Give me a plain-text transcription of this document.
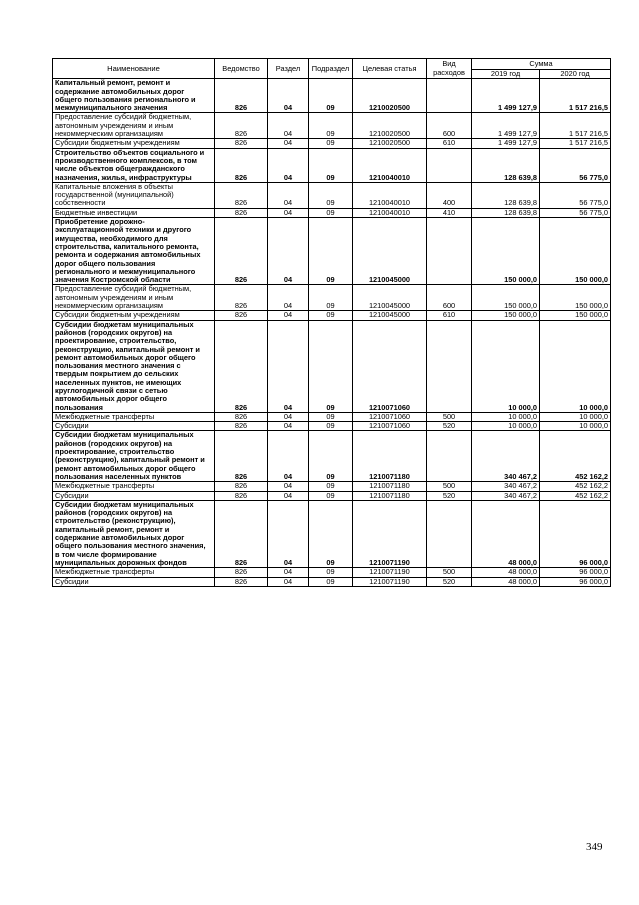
Наименование	Ведомство	Раздел	Подраздел	Целевая статья	Вид расходов	Сумма	
						2019 год	2020 год
Капитальный ремонт, ремонт и содержание автомобильных дорог общего пользования регионального и межмуниципального значения	826	04	09	1210020500		1 499 127,9	1 517 216,5
Предоставление субсидий бюджетным, автономным учреждениям и иным некоммерческим организациям	826	04	09	1210020500	600	1 499 127,9	1 517 216,5
Субсидии бюджетным учреждениям	826	04	09	1210020500	610	1 499 127,9	1 517 216,5
Строительство объектов социального и производственного комплексов, в том числе объектов общегражданского назначения, жилья, инфраструктуры	826	04	09	1210040010		128 639,8	56 775,0
Капитальные вложения в объекты государственной (муниципальной) собственности	826	04	09	1210040010	400	128 639,8	56 775,0
Бюджетные инвестиции	826	04	09	1210040010	410	128 639,8	56 775,0
Приобретение дорожно-эксплуатационной техники и другого имущества, необходимого для строительства, капитального ремонта, ремонта и содержания автомобильных дорог общего пользования регионального и межмуниципального значения Костромской области	826	04	09	1210045000		150 000,0	150 000,0
Предоставление субсидий бюджетным, автономным учреждениям и иным некоммерческим организациям	826	04	09	1210045000	600	150 000,0	150 000,0
Субсидии бюджетным учреждениям	826	04	09	1210045000	610	150 000,0	150 000,0
Субсидии бюджетам муниципальных районов (городских округов) на проектирование, строительство, реконструкцию, капитальный ремонт и ремонт автомобильных дорог общего пользования местного значения с твердым покрытием до сельских населенных пунктов, не имеющих круглогодичной связи с сетью автомобильных дорог общего пользования	826	04	09	1210071060		10 000,0	10 000,0
Межбюджетные трансферты	826	04	09	1210071060	500	10 000,0	10 000,0
Субсидии	826	04	09	1210071060	520	10 000,0	10 000,0
Субсидии бюджетам муниципальных районов (городских округов) на проектирование, строительство (реконструкцию), капитальный ремонт и ремонт автомобильных дорог общего пользования населенных пунктов	826	04	09	1210071180		340 467,2	452 162,2
Межбюджетные трансферты	826	04	09	1210071180	500	340 467,2	452 162,2
Субсидии	826	04	09	1210071180	520	340 467,2	452 162,2
Субсидии бюджетам муниципальных районов (городских округов) на строительство (реконструкцию), капитальный ремонт, ремонт и содержание автомобильных дорог общего пользования местного значения, в том числе формирование муниципальных дорожных фондов	826	04	09	1210071190		48 000,0	96 000,0
Межбюджетные трансферты	826	04	09	1210071190	500	48 000,0	96 000,0
Субсидии	826	04	09	1210071190	520	48 000,0	96 000,0
349
